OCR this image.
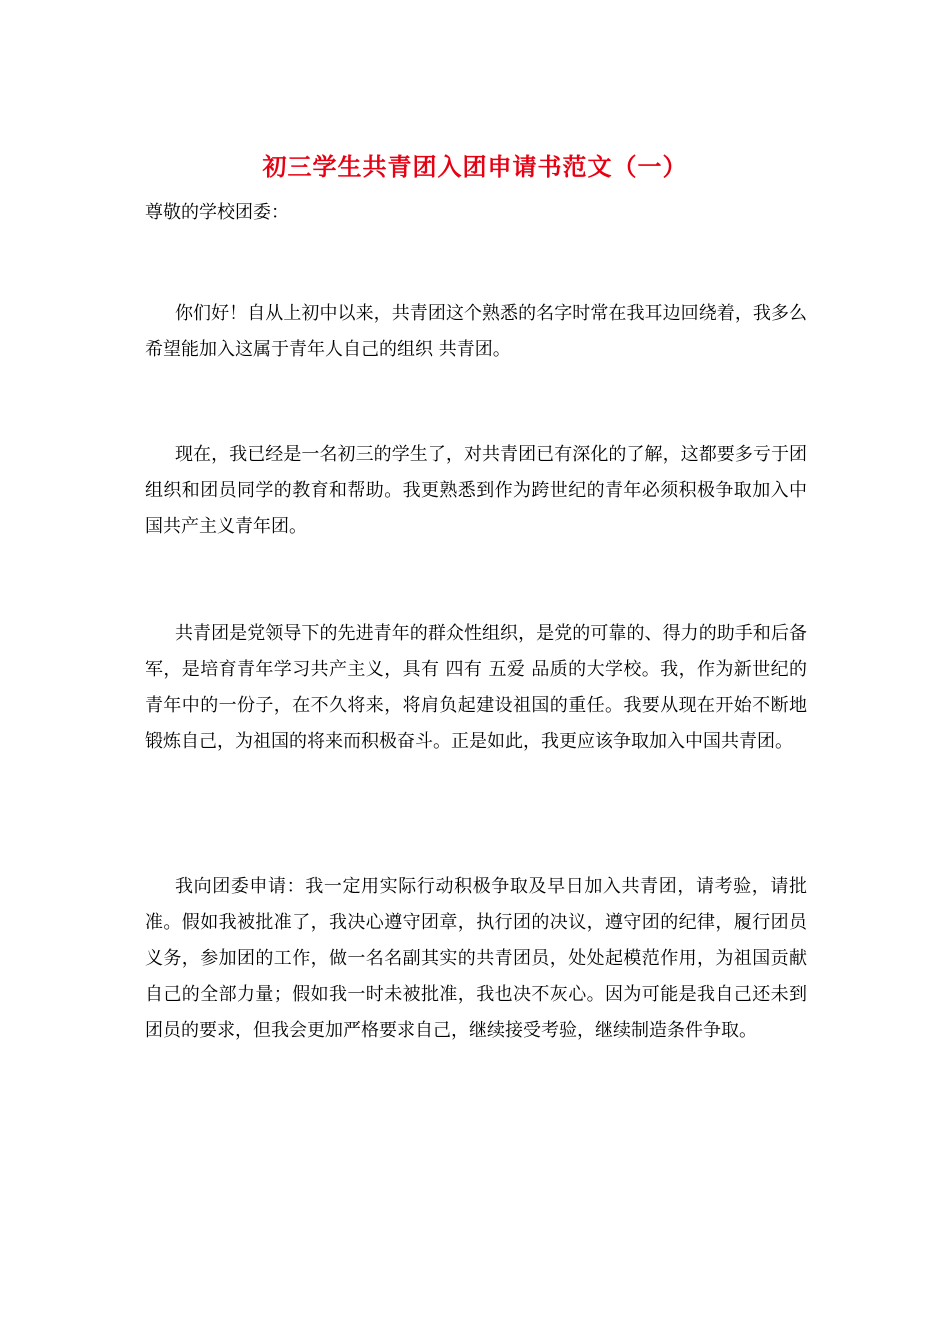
初三学生共青团入团申请书范文（一）
尊敬的学校团委：

你们好！自从上初中以来，共青团这个熟悉的名字时常在我耳边回绕着，我多么希望能加入这属于青年人自己的组织 共青团。

现在，我已经是一名初三的学生了，对共青团已有深化的了解，这都要多亏于团组织和团员同学的教育和帮助。我更熟悉到作为跨世纪的青年必须积极争取加入中国共产主义青年团。

共青团是党领导下的先进青年的群众性组织，是党的可靠的、得力的助手和后备军，是培育青年学习共产主义，具有 四有 五爱 品质的大学校。我，作为新世纪的青年中的一份子，在不久将来，将肩负起建设祖国的重任。我要从现在开始不断地锻炼自己，为祖国的将来而积极奋斗。正是如此，我更应该争取加入中国共青团。

我向团委申请：我一定用实际行动积极争取及早日加入共青团，请考验，请批准。假如我被批准了，我决心遵守团章，执行团的决议，遵守团的纪律，履行团员义务，参加团的工作，做一名名副其实的共青团员，处处起模范作用，为祖国贡献自己的全部力量；假如我一时未被批准，我也决不灰心。因为可能是我自己还未到团员的要求，但我会更加严格要求自己，继续接受考验，继续制造条件争取。
